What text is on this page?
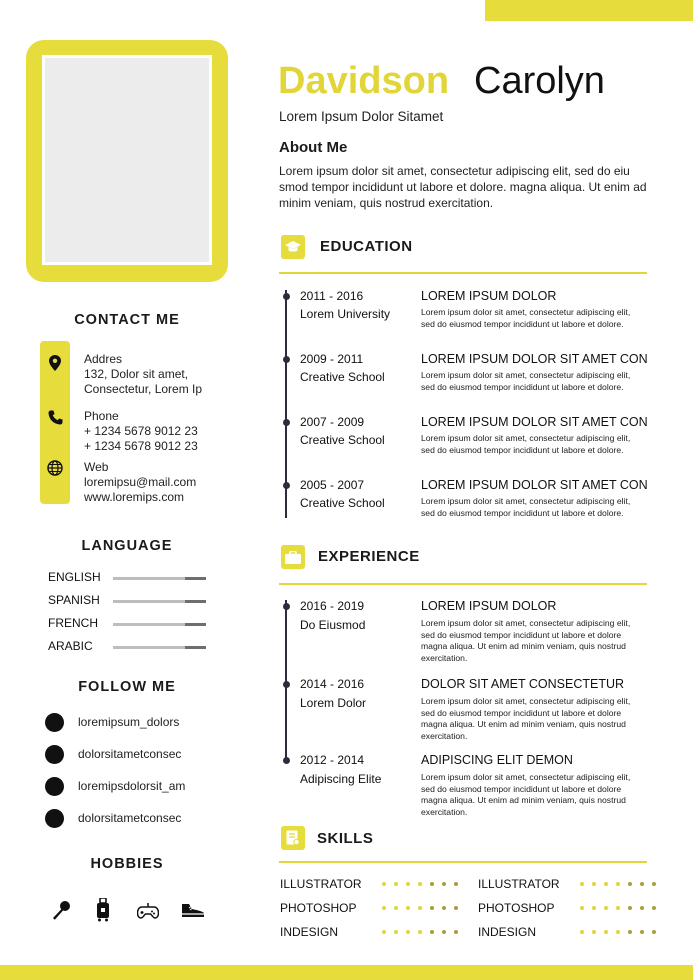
Davidson Carolyn
Lorem Ipsum Dolor Sitamet
About Me
Lorem ipsum dolor sit amet, consectetur adipiscing elit, sed do eiu smod tempor incididunt ut labore et dolore. magna aliqua. Ut enim ad minim veniam, quis nostrud exercitation.
EDUCATION
2011 - 2016
Lorem University
LOREM IPSUM DOLOR
Lorem ipsum dolor sit amet, consectetur adipiscing elit, sed do eiusmod tempor incididunt ut labore et dolore.
2009 - 2011
Creative School
LOREM IPSUM DOLOR SIT AMET CON
Lorem ipsum dolor sit amet, consectetur adipiscing elit, sed do eiusmod tempor incididunt ut labore et dolore.
2007 - 2009
Creative School
LOREM IPSUM DOLOR SIT AMET CON
Lorem ipsum dolor sit amet, consectetur adipiscing elit, sed do eiusmod tempor incididunt ut labore et dolore.
2005 - 2007
Creative School
LOREM IPSUM DOLOR SIT AMET CON
Lorem ipsum dolor sit amet, consectetur adipiscing elit, sed do eiusmod tempor incididunt ut labore et dolore.
EXPERIENCE
2016 - 2019
Do Eiusmod
LOREM IPSUM DOLOR
Lorem ipsum dolor sit amet, consectetur adipiscing elit, sed do eiusmod tempor incididunt ut labore et dolore magna aliqua. Ut enim ad minim veniam, quis nostrud exercitation.
2014 - 2016
Lorem Dolor
DOLOR SIT AMET CONSECTETUR
Lorem ipsum dolor sit amet, consectetur adipiscing elit, sed do eiusmod tempor incididunt ut labore et dolore magna aliqua. Ut enim ad minim veniam, quis nostrud exercitation.
2012 - 2014
Adipiscing Elite
ADIPISCING ELIT DEMON
Lorem ipsum dolor sit amet, consectetur adipiscing elit, sed do eiusmod tempor incididunt ut labore et dolore magna aliqua. Ut enim ad minim veniam, quis nostrud exercitation.
SKILLS
ILLUSTRATOR
PHOTOSHOP
INDESIGN
ILLUSTRATOR
PHOTOSHOP
INDESIGN
CONTACT ME
Addres
132, Dolor sit amet,
Consectetur, Lorem Ip
Phone
+ 1234 5678 9012 23
+ 1234 5678 9012 23
Web
loremipsu@mail.com
www.loremips.com
LANGUAGE
ENGLISH
SPANISH
FRENCH
ARABIC
FOLLOW ME
loremipsum_dolors
dolorsitametconsec
loremipsdolorsit_am
dolorsitametconsec
HOBBIES
